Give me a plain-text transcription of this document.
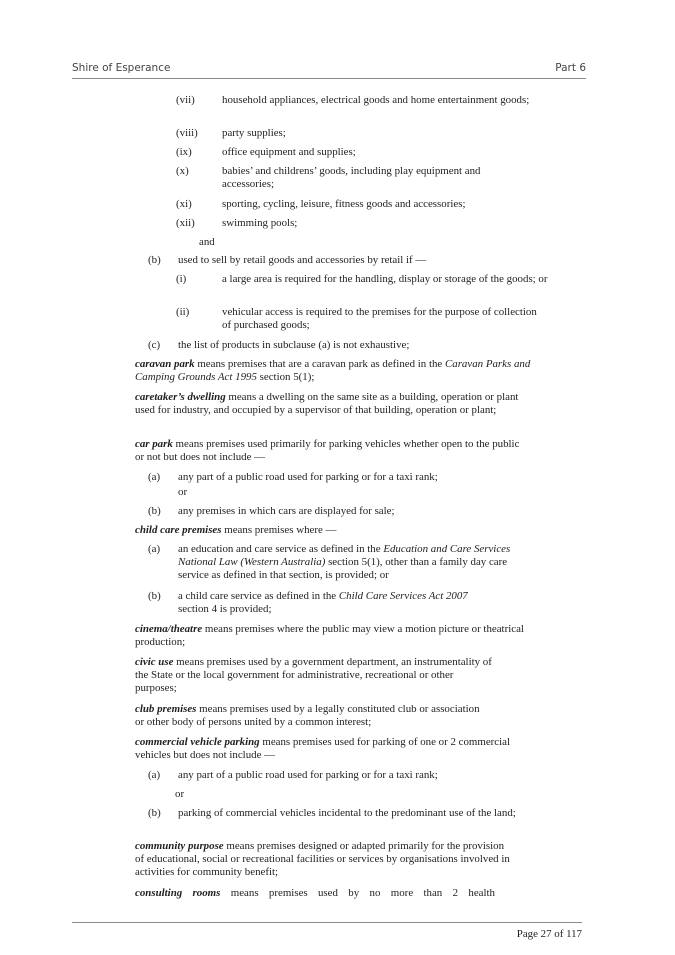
Shire of Esperance	Part 6
(vii) household appliances, electrical goods and home entertainment goods;
(viii) party supplies;
(ix)	office equipment and supplies;
(x)	babies’ and childrens’ goods, including play equipment and accessories;
(xi)	sporting, cycling, leisure, fitness goods and accessories;
(xii) swimming pools;
and
(b) used to sell by retail goods and accessories by retail if —
(i)	a large area is required for the handling, display or storage of the goods; or
(ii)	vehicular access is required to the premises for the purpose of collection of purchased goods;
(c) the list of products in subclause (a) is not exhaustive;
caravan park means premises that are a caravan park as defined in the Caravan Parks and Camping Grounds Act 1995 section 5(1);
caretaker’s dwelling means a dwelling on the same site as a building, operation or plant used for industry, and occupied by a supervisor of that building, operation or plant;
car park means premises used primarily for parking vehicles whether open to the public or not but does not include —
(a) any part of a public road used for parking or for a taxi rank;
or
(b) any premises in which cars are displayed for sale;
child care premises means premises where —
(a) an education and care service as defined in the Education and Care Services National Law (Western Australia) section 5(1), other than a family day care service as defined in that section, is provided; or
(b) a child care service as defined in the Child Care Services Act 2007
section 4 is provided;
cinema/theatre means premises where the public may view a motion picture or theatrical production;
civic use means premises used by a government department, an instrumentality of the State or the local government for administrative, recreational or other purposes;
club premises means premises used by a legally constituted club or association or other body of persons united by a common interest;
commercial vehicle parking means premises used for parking of one or 2 commercial vehicles but does not include —
(a) any part of a public road used for parking or for a taxi rank;
or
(b) parking of commercial vehicles incidental to the predominant use of the land;
community purpose means premises designed or adapted primarily for the provision of educational, social or recreational facilities or services by organisations involved in activities for community benefit;
consulting rooms means premises used by no more than 2 health
Page 27 of 117
